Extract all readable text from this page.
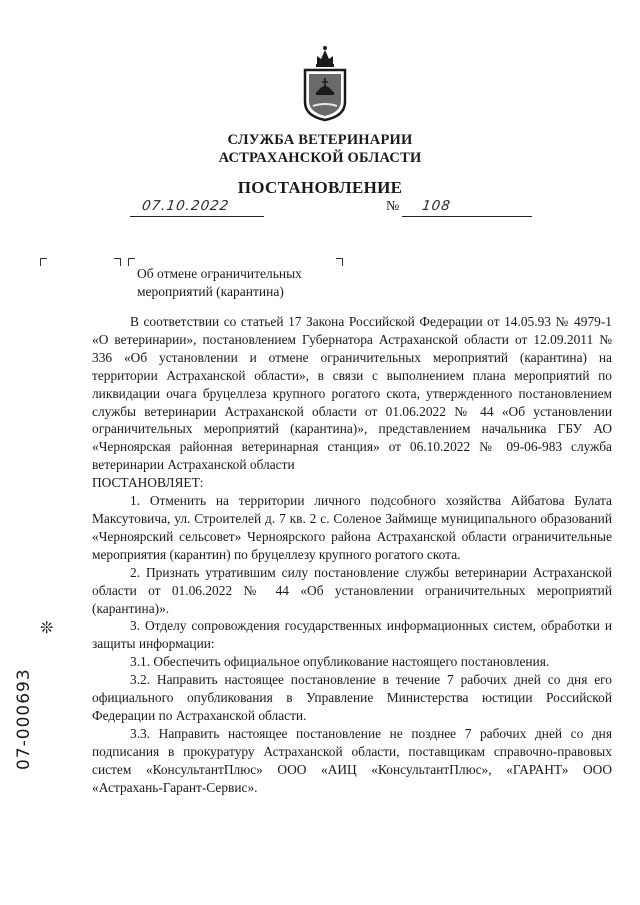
СЛУЖБА ВЕТЕРИНАРИИ
АСТРАХАНСКОЙ ОБЛАСТИ
ПОСТАНОВЛЕНИЕ
07.10.2022	№ 108
Об отмене ограничительных
мероприятий (карантина)

В соответствии со статьей 17 Закона Российской Федерации от 14.05.93 № 4979-1 «О ветеринарии», постановлением Губернатора Астраханской области от 12.09.2011 № 336 «Об установлении и отмене ограничительных мероприятий (карантина) на территории Астраханской области», в связи с выполнением плана мероприятий по ликвидации очага бруцеллеза крупного рогатого скота, утвержденного постановлением службы ветеринарии Астраханской области от 01.06.2022 № 44 «Об установлении ограничительных мероприятий (карантина)», представлением начальника ГБУ АО «Черноярская районная ветеринарная станция» от 06.10.2022 № 09-06-983 служба ветеринарии Астраханской области

ПОСТАНОВЛЯЕТ:

1. Отменить на территории личного подсобного хозяйства Айбатова Булата Максутовича, ул. Строителей д. 7 кв. 2 с. Соленое Займище муниципального образований «Черноярский сельсовет» Черноярского района Астраханской области ограничительные мероприятия (карантин) по бруцеллезу крупного рогатого скота.

2. Признать утратившим силу постановление службы ветеринарии Астраханской области от 01.06.2022 № 44 «Об установлении ограничительных мероприятий (карантина)».

3. Отделу сопровождения государственных информационных систем, обработки и защиты информации:

3.1. Обеспечить официальное опубликование настоящего постановления.

3.2. Направить настоящее постановление в течение 7 рабочих дней со дня его официального опубликования в Управление Министерства юстиции Российской Федерации по Астраханской области.

3.3. Направить настоящее постановление не позднее 7 рабочих дней со дня подписания в прокуратуру Астраханской области, поставщикам справочно-правовых систем «КонсультантПлюс» ООО «АИЦ «КонсультантПлюс», «ГАРАНТ» ООО «Астрахань-Гарант-Сервис».

❊
07-000693
